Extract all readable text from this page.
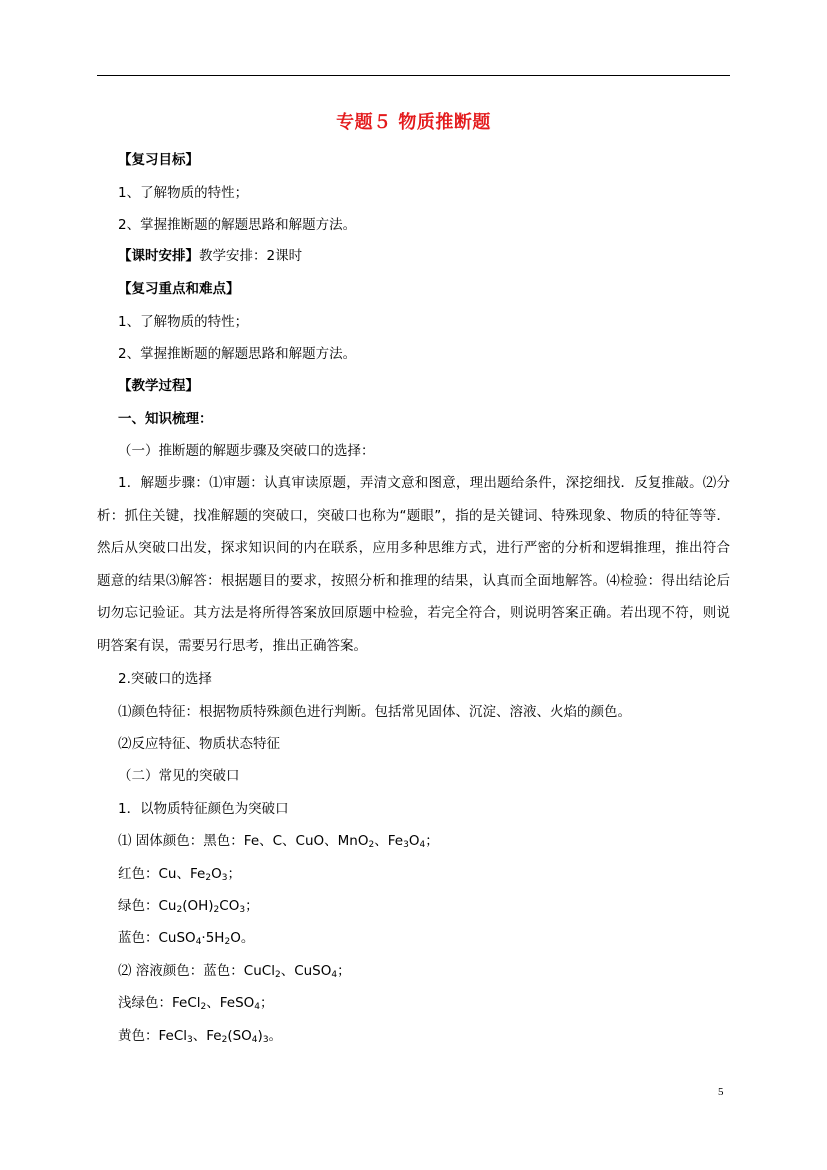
专题５ 物质推断题
【复习目标】
1、了解物质的特性；
2、掌握推断题的解题思路和解题方法。
【课时安排】教学安排：2课时
【复习重点和难点】
1、了解物质的特性；
2、掌握推断题的解题思路和解题方法。
【教学过程】
一、知识梳理：
（一）推断题的解题步骤及突破口的选择：
1．解题步骤：⑴审题：认真审读原题，弄清文意和图意，理出题给条件，深挖细找．反复推敲。⑵分析：抓住关键，找准解题的突破口，突破口也称为“题眼”，指的是关键词、特殊现象、物质的特征等等．然后从突破口出发，探求知识间的内在联系，应用多种思维方式，进行严密的分析和逻辑推理，推出符合题意的结果⑶解答：根据题目的要求，按照分析和推理的结果，认真而全面地解答。⑷检验：得出结论后切勿忘记验证。其方法是将所得答案放回原题中检验，若完全符合，则说明答案正确。若出现不符，则说明答案有误，需要另行思考，推出正确答案。
2.突破口的选择
⑴颜色特征：根据物质特殊颜色进行判断。包括常见固体、沉淀、溶液、火焰的颜色。
⑵反应特征、物质状态特征
（二）常见的突破口
1．以物质特征颜色为突破口
⑴ 固体颜色：黑色：Fe、C、CuO、MnO$_2$、$Fe_3O_4$；
红色：Cu、$Fe_2O_3$；
绿色：$Cu_2(OH)_2CO_3$；
蓝色：$CuSO_4\cdot 5H_2O$。
⑵ 溶液颜色：蓝色：CuCl$_2$、CuSO$_4$；
浅绿色：FeCl$_2$、FeSO$_4$；
黄色：FeCl$_3$、$Fe_2(SO_4)_3$。
5
